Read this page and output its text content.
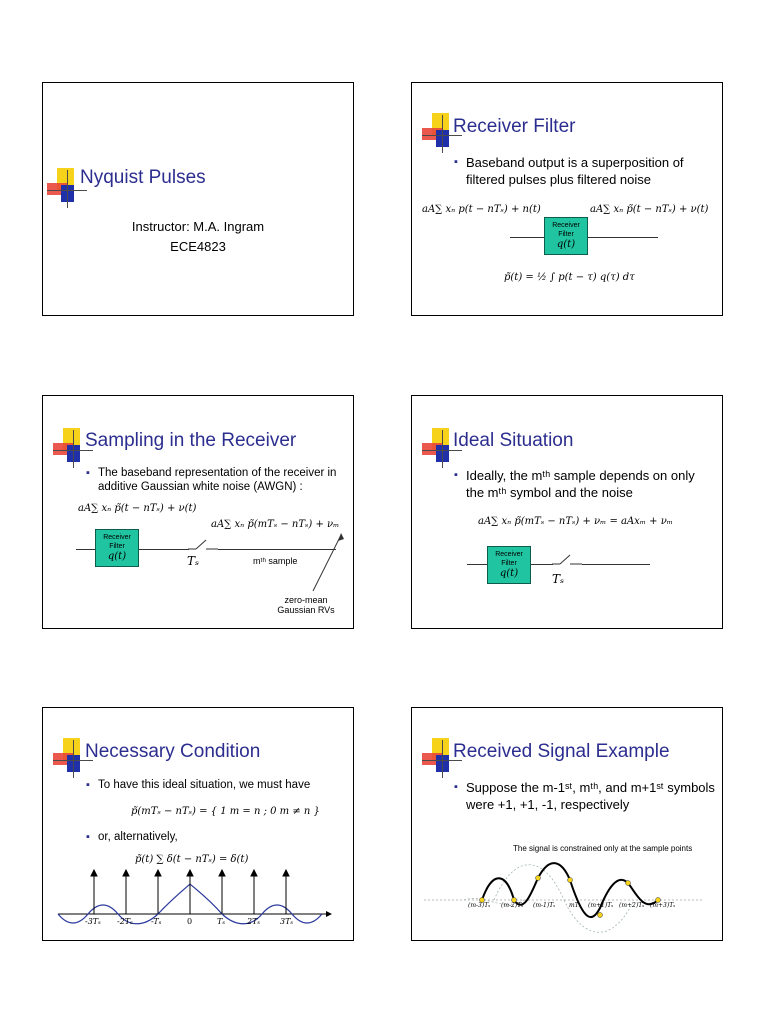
Nyquist Pulses
Instructor: M.A. Ingram
ECE4823
Receiver Filter
▪ Baseband output is a superposition of filtered pulses plus filtered noise
aA∑ xₙ p(t − nTₛ) + n(t)	aA∑ xₙ p̃(t − nTₛ) + ν(t)
Receiver Filter
q(t)
p̃(t) = ½ ∫ p(t − τ) q(τ) dτ
Sampling in the Receiver
▪ The baseband representation of the receiver in additive Gaussian white noise (AWGN) :
aA∑ xₙ p̃(t − nTₛ) + ν(t)
aA∑ xₙ p̃(mTₛ − nTₛ) + νₘ
Receiver Filter
q(t)	Tₛ	mᵗʰ sample
zero-mean Gaussian RVs
Ideal Situation
▪ Ideally, the mᵗʰ sample depends on only the mᵗʰ symbol and the noise
aA∑ xₙ p̃(mTₛ − nTₛ) + νₘ = aAxₘ + νₘ
Receiver Filter
q(t)	Tₛ
Necessary Condition
▪ To have this ideal situation, we must have
p̃(mTₛ − nTₛ) = { 1 m = n ; 0 m ≠ n }
▪ or, alternatively,
p̃(t) ∑ δ(t − nTₛ) = δ(t)
-3Tₛ -2Tₛ -Tₛ	0	Tₛ	2Tₛ 3Tₛ
Received Signal Example
▪ Suppose the m-1ˢᵗ, mᵗʰ, and m+1ˢᵗ symbols were +1, +1, -1, respectively
The signal is constrained only at the sample points
(m-3)Tₛ (m-2)Tₛ (m-1)Tₛ mTₛ (m+1)Tₛ (m+2)Tₛ (m+3)Tₛ
